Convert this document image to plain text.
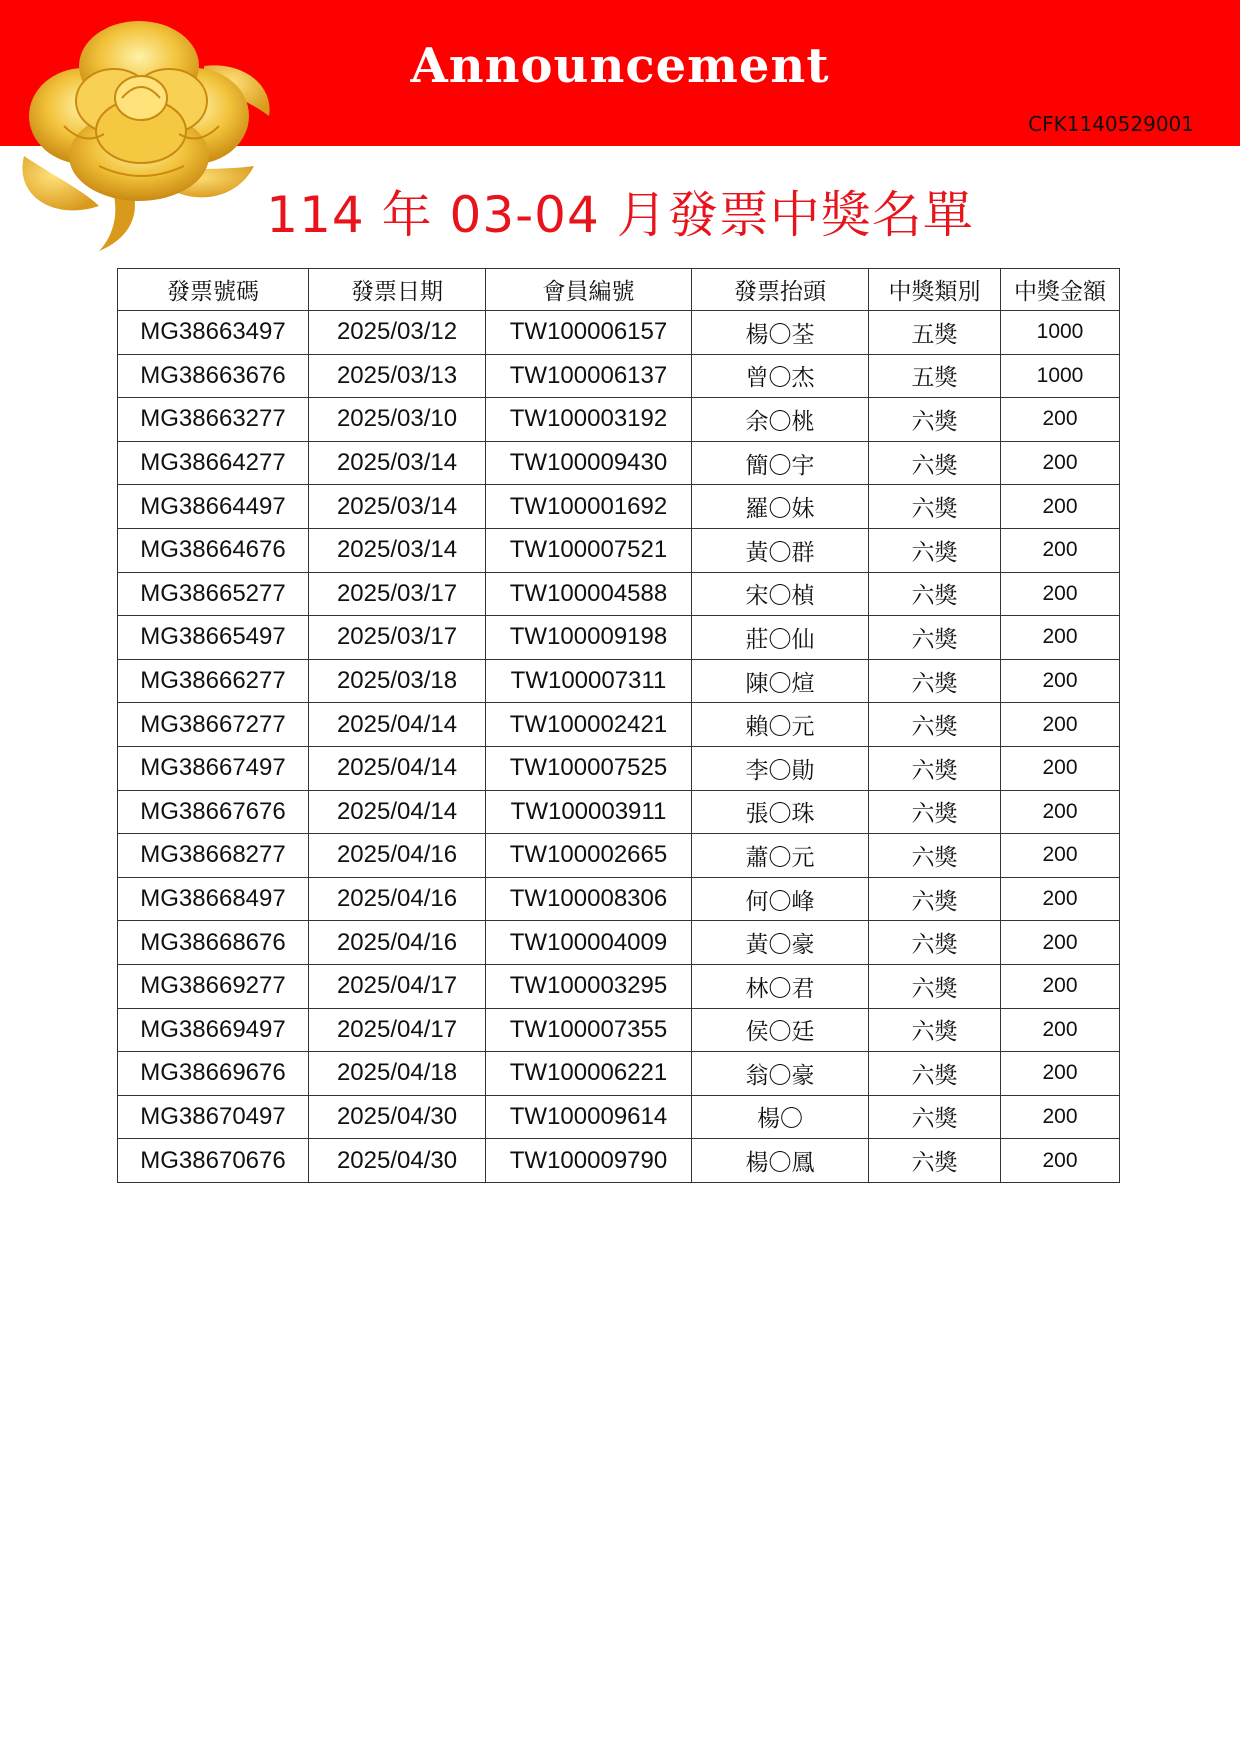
Announcement
CFK1140529001
114 年 03-04 月發票中獎名單
發票號碼	發票日期	會員編號	發票抬頭	中獎類別	中獎金額
MG38663497	2025/03/12	TW100006157	楊〇荃	五獎	1000
MG38663676	2025/03/13	TW100006137	曾〇杰	五獎	1000
MG38663277	2025/03/10	TW100003192	余〇桃	六獎	200
MG38664277	2025/03/14	TW100009430	簡〇宇	六獎	200
MG38664497	2025/03/14	TW100001692	羅〇妹	六獎	200
MG38664676	2025/03/14	TW100007521	黃〇群	六獎	200
MG38665277	2025/03/17	TW100004588	宋〇楨	六獎	200
MG38665497	2025/03/17	TW100009198	莊〇仙	六獎	200
MG38666277	2025/03/18	TW100007311	陳〇煊	六獎	200
MG38667277	2025/04/14	TW100002421	賴〇元	六獎	200
MG38667497	2025/04/14	TW100007525	李〇勛	六獎	200
MG38667676	2025/04/14	TW100003911	張〇珠	六獎	200
MG38668277	2025/04/16	TW100002665	蕭〇元	六獎	200
MG38668497	2025/04/16	TW100008306	何〇峰	六獎	200
MG38668676	2025/04/16	TW100004009	黃〇豪	六獎	200
MG38669277	2025/04/17	TW100003295	林〇君	六獎	200
MG38669497	2025/04/17	TW100007355	侯〇廷	六獎	200
MG38669676	2025/04/18	TW100006221	翁〇豪	六獎	200
MG38670497	2025/04/30	TW100009614	楊〇	六獎	200
MG38670676	2025/04/30	TW100009790	楊〇鳳	六獎	200
